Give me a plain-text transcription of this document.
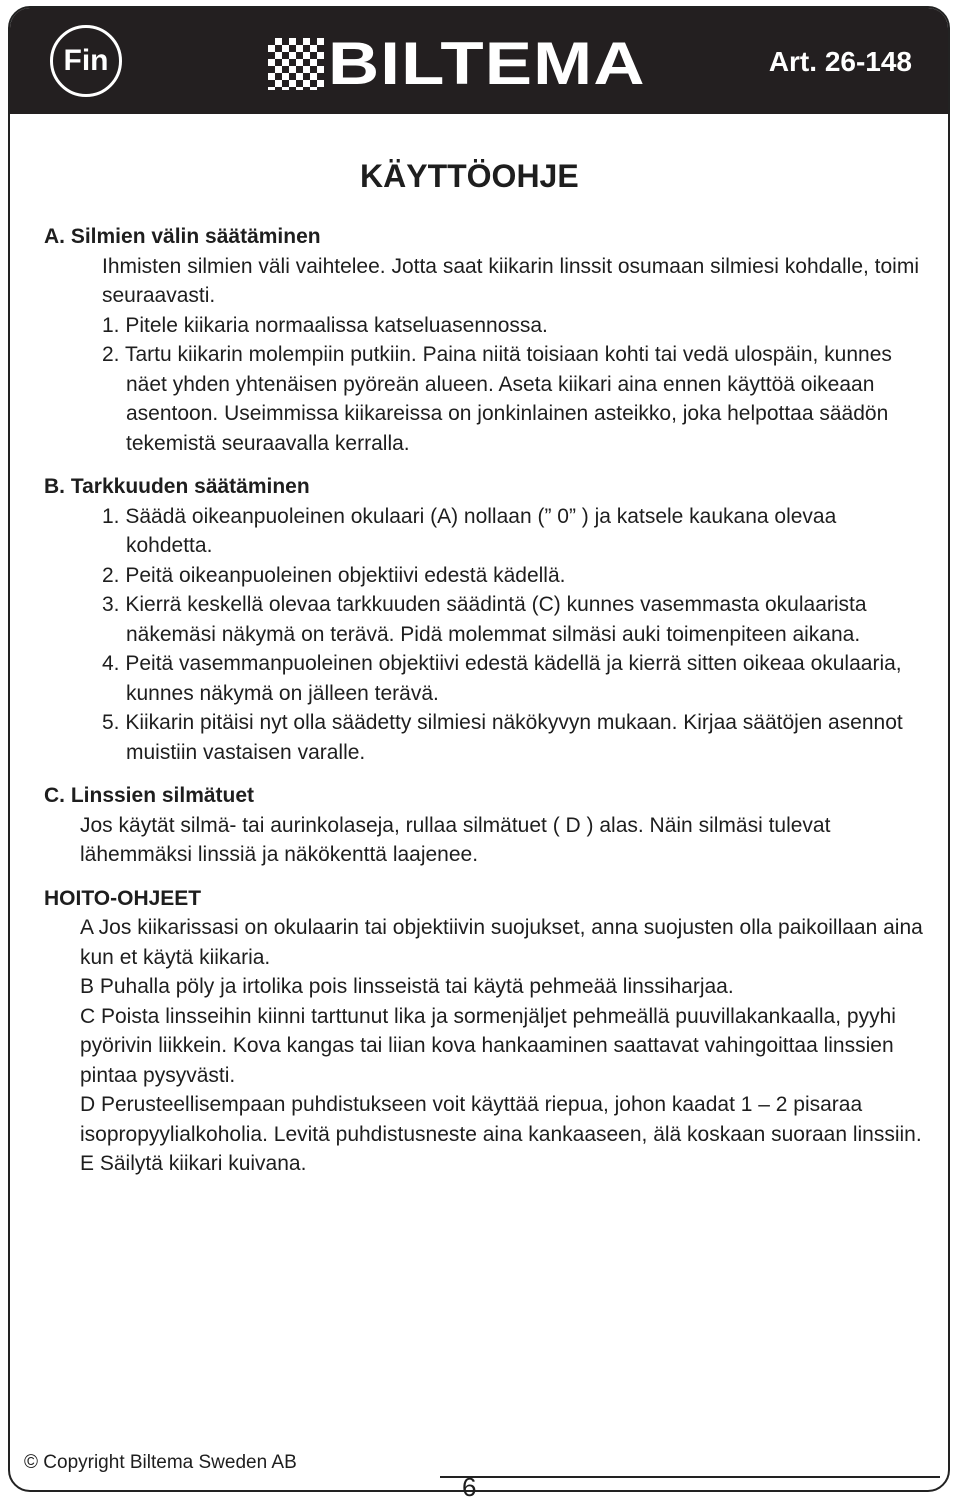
Fin	BILTEMA	Art. 26-148
KÄYTTÖOHJE
A. Silmien välin säätäminen
Ihmisten silmien väli vaihtelee. Jotta saat kiikarin linssit osumaan silmiesi kohdalle, toimi seuraavasti.
1. Pitele kiikaria normaalissa katseluasennossa.
2. Tartu kiikarin molempiin putkiin. Paina niitä toisiaan kohti tai vedä ulospäin, kunnes näet yhden yhtenäisen pyöreän alueen. Aseta kiikari aina ennen käyttöä oikeaan asentoon. Useimmissa kiikareissa on jonkinlainen asteikko, joka helpottaa säädön tekemistä seuraavalla kerralla.
B. Tarkkuuden säätäminen
1. Säädä oikeanpuoleinen okulaari (A) nollaan (” 0” ) ja katsele kaukana olevaa kohdetta.
2. Peitä oikeanpuoleinen objektiivi edestä kädellä.
3. Kierrä keskellä olevaa tarkkuuden säädintä (C) kunnes vasemmasta okulaarista näkemäsi näkymä on terävä. Pidä molemmat silmäsi auki toimenpiteen aikana.
4. Peitä vasemmanpuoleinen objektiivi edestä kädellä ja kierrä sitten oikeaa okulaaria, kunnes näkymä on jälleen terävä.
5. Kiikarin pitäisi nyt olla säädetty silmiesi näkökyvyn mukaan. Kirjaa säätöjen asennot muistiin vastaisen varalle.
C. Linssien silmätuet
Jos käytät silmä- tai aurinkolaseja, rullaa silmätuet ( D ) alas. Näin silmäsi tulevat lähemmäksi linssiä ja näkökenttä laajenee.
HOITO-OHJEET
A Jos kiikarissasi on okulaarin tai objektiivin suojukset, anna suojusten olla paikoillaan aina kun et käytä kiikaria.
B Puhalla pöly ja irtolika pois linsseistä tai käytä pehmeää linssiharjaa.
C Poista linsseihin kiinni tarttunut lika ja sormenjäljet pehmeällä puuvillakankaalla, pyyhi pyörivin liikkein. Kova kangas tai liian kova hankaaminen saattavat vahingoittaa linssien pintaa pysyvästi.
D Perusteellisempaan puhdistukseen voit käyttää riepua, johon kaadat 1 – 2 pisaraa isopropyylialkoholia. Levitä puhdistusneste aina kankaaseen, älä koskaan suoraan linssiin.
E Säilytä kiikari kuivana.
© Copyright Biltema Sweden AB
6
